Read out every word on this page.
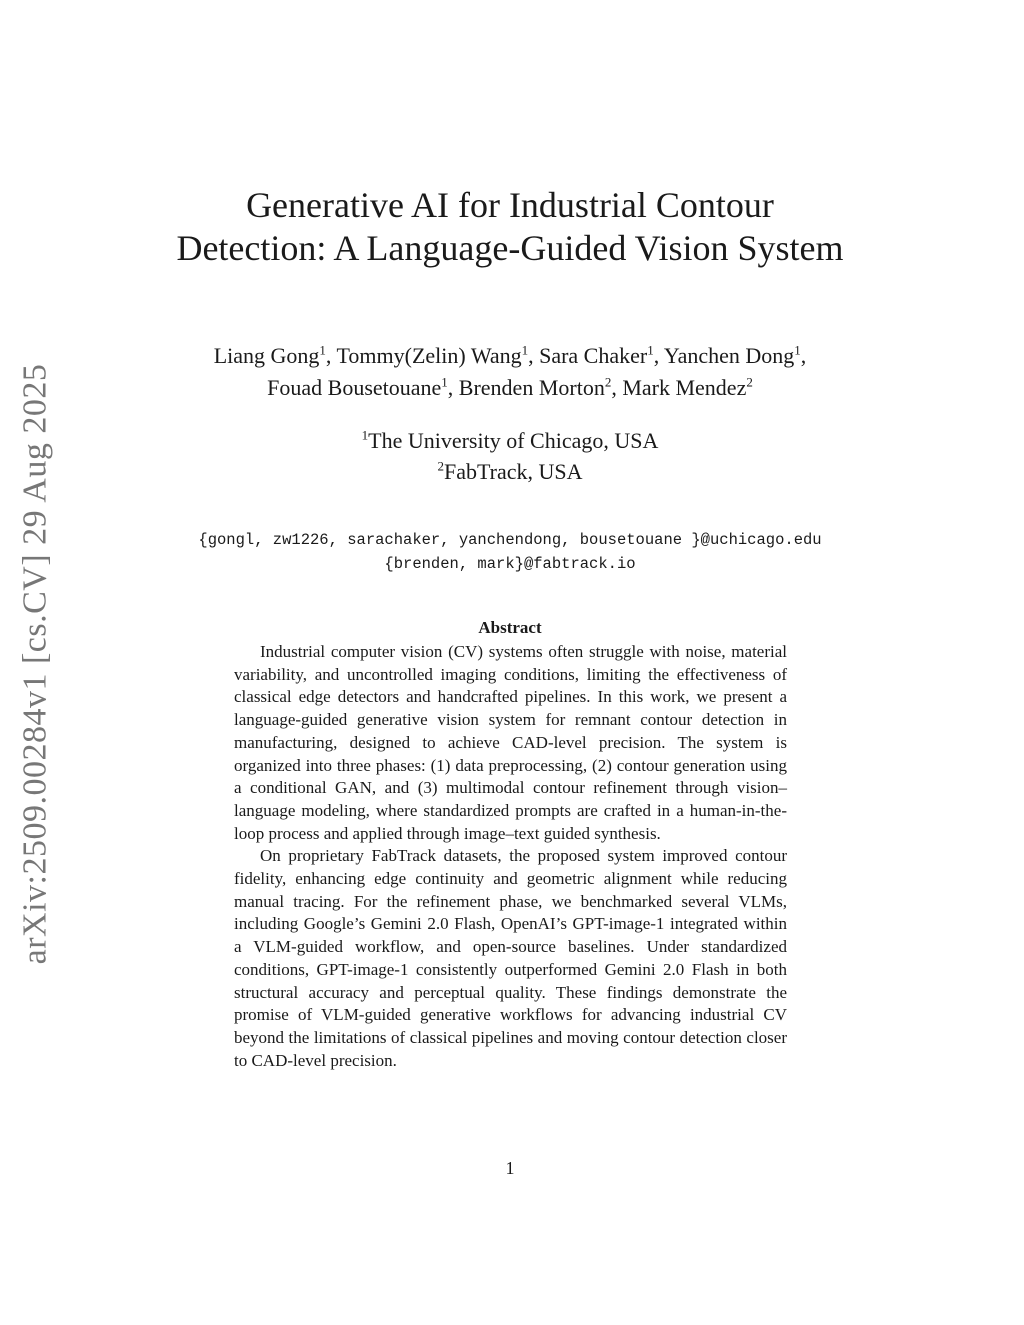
arXiv:2509.00284v1 [cs.CV] 29 Aug 2025
Generative AI for Industrial Contour
Detection: A Language-Guided Vision System
Liang Gong$^1$, Tommy(Zelin) Wang$^1$, Sara Chaker$^1$, Yanchen Dong$^1$,
Fouad Bousetouane$^1$, Brenden Morton$^2$, Mark Mendez$^2$
$^1$The University of Chicago, USA
$^2$FabTrack, USA
{gongl, zw1226, sarachaker, yanchendong, bousetouane }@uchicago.edu
{brenden, mark}@fabtrack.io
Abstract

Industrial computer vision (CV) systems often struggle with noise, material variability, and uncontrolled imaging conditions, limiting the effectiveness of classical edge detectors and handcrafted pipelines. In this work, we present a language-guided generative vision system for remnant contour detection in manufacturing, designed to achieve CAD-level precision. The system is organized into three phases: (1) data preprocessing, (2) contour generation using a conditional GAN, and (3) multimodal contour refinement through vision–language modeling, where standardized prompts are crafted in a human-in-the-loop process and applied through image–text guided synthesis.

On proprietary FabTrack datasets, the proposed system improved contour fidelity, enhancing edge continuity and geometric alignment while reducing manual tracing. For the refinement phase, we benchmarked several VLMs, including Google’s Gemini 2.0 Flash, OpenAI’s GPT-image-1 integrated within a VLM-guided workflow, and open-source baselines. Under standardized conditions, GPT-image-1 consistently outperformed Gemini 2.0 Flash in both structural accuracy and perceptual quality. These findings demonstrate the promise of VLM-guided generative workflows for advancing industrial CV beyond the limitations of classical pipelines and moving contour detection closer to CAD-level precision.

1
